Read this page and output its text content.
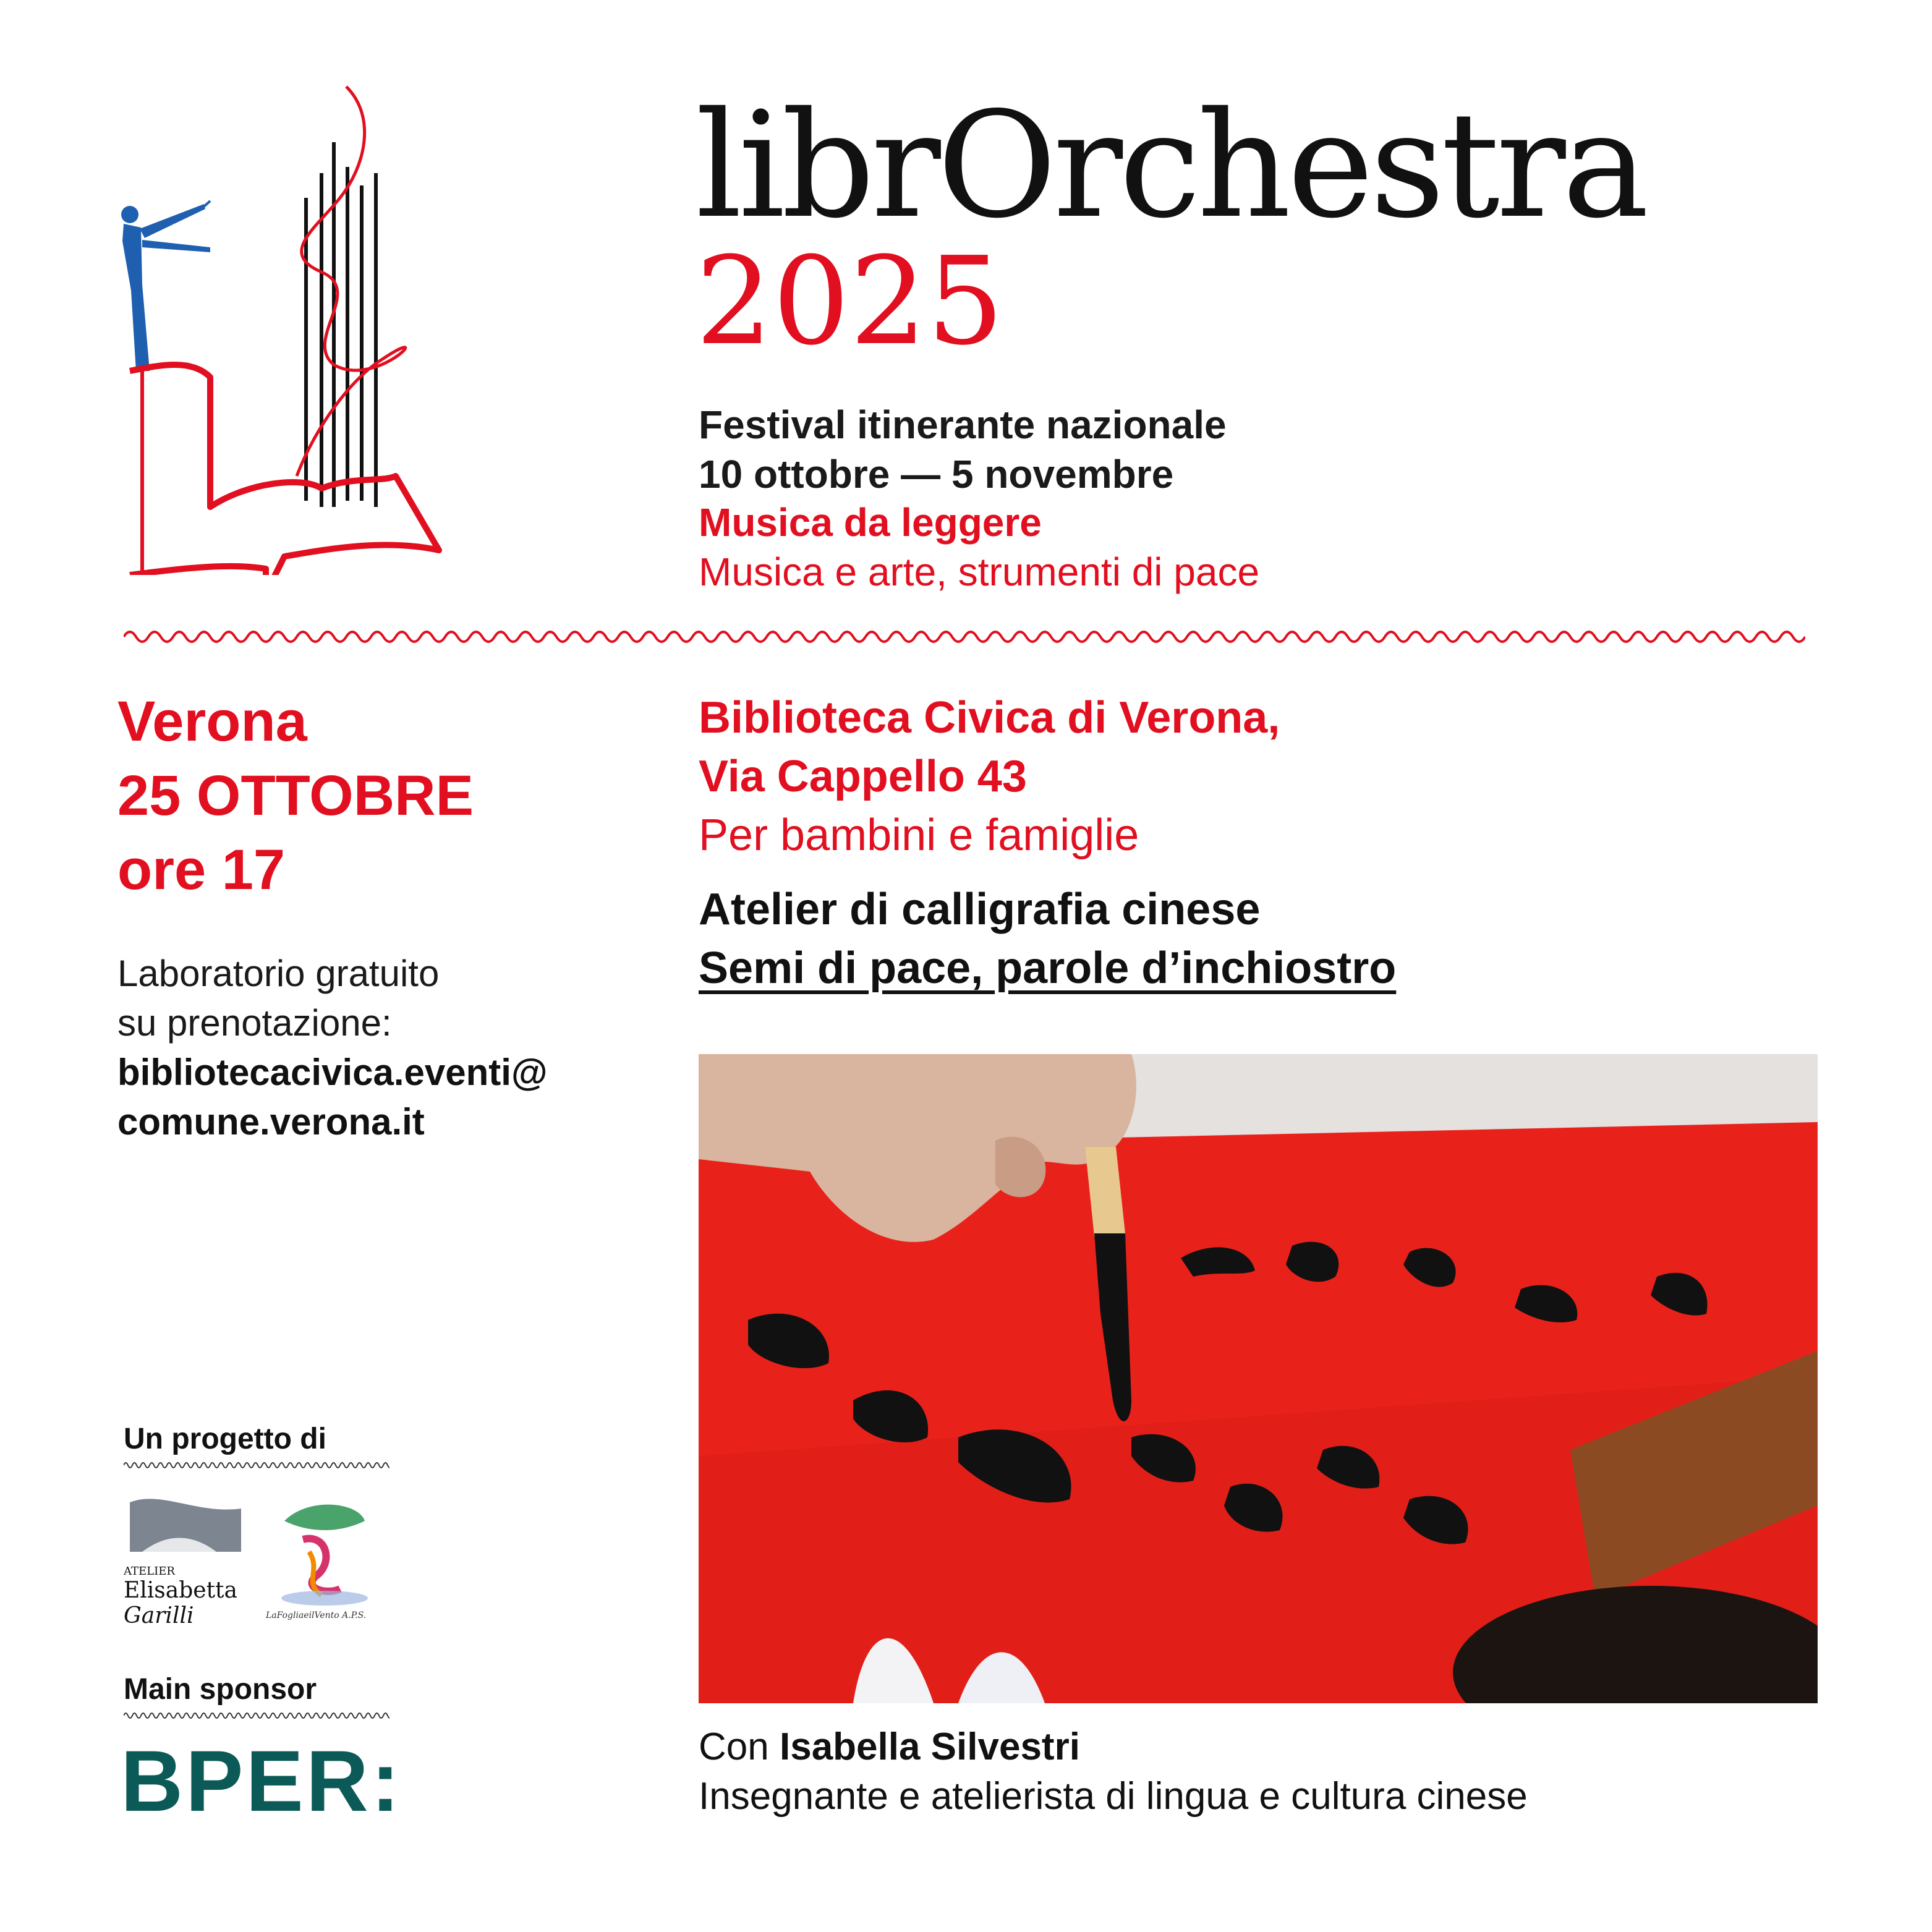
librOrchestra
2025
Festival itinerante nazionale
10 ottobre — 5 novembre
Musica da leggere
Musica e arte, strumenti di pace
Verona
25 OTTOBRE
ore 17
Laboratorio gratuito
su prenotazione:
bibliotecacivica.eventi@
comune.verona.it
Biblioteca Civica di Verona,
Via Cappello 43
Per bambini e famiglie
Atelier di calligrafia cinese
Semi di pace, parole d’inchiostro
Con Isabella Silvestri
Insegnante e atelierista di lingua e cultura cinese
Un progetto di
ATELIER
Elisabetta
Garilli	LaFogliaeilVento A.P.S.
Main sponsor
BPER:
